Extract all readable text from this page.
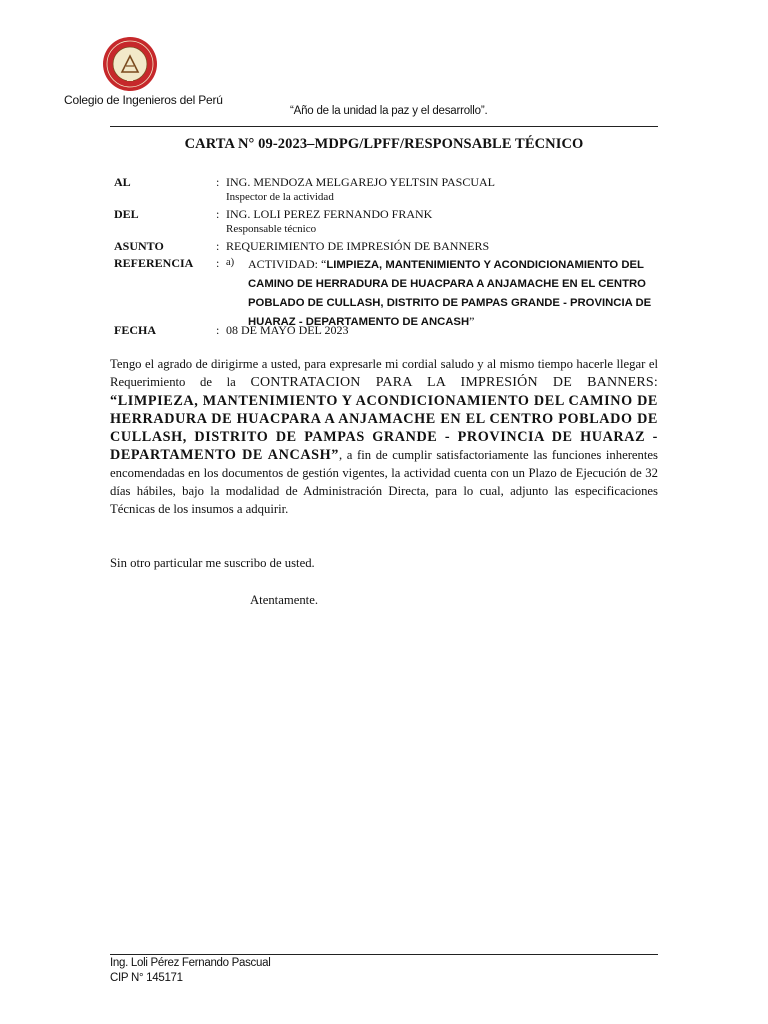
Colegio de Ingenieros del Perú
“Año de la unidad la paz y el desarrollo”.
CARTA N° 09-2023–MDPG/LPFF/RESPONSABLE TÉCNICO
AL	: ING. MENDOZA MELGAREJO YELTSIN PASCUAL
Inspector de la actividad
DEL	: ING. LOLI PEREZ FERNANDO FRANK
Responsable técnico
ASUNTO	: REQUERIMIENTO DE IMPRESIÓN DE BANNERS
REFERENCIA : a) ACTIVIDAD: “LIMPIEZA, MANTENIMIENTO Y ACONDICIONAMIENTO DEL CAMINO DE HERRADURA DE HUACPARA A ANJAMACHE EN EL CENTRO POBLADO DE CULLASH, DISTRITO DE PAMPAS GRANDE - PROVINCIA DE HUARAZ - DEPARTAMENTO DE ANCASH”
FECHA	: 08 DE MAYO DEL 2023
Tengo el agrado de dirigirme a usted, para expresarle mi cordial saludo y al mismo tiempo hacerle llegar el Requerimiento de la CONTRATACION PARA LA IMPRESIÓN DE BANNERS: “LIMPIEZA, MANTENIMIENTO Y ACONDICIONAMIENTO DEL CAMINO DE HERRADURA DE HUACPARA A ANJAMACHE EN EL CENTRO POBLADO DE CULLASH, DISTRITO DE PAMPAS GRANDE - PROVINCIA DE HUARAZ - DEPARTAMENTO DE ANCASH”, a fin de cumplir satisfactoriamente las funciones inherentes encomendadas en los documentos de gestión vigentes, la actividad cuenta con un Plazo de Ejecución de 32 días hábiles, bajo la modalidad de Administración Directa, para lo cual, adjunto las especificaciones Técnicas de los insumos a adquirir.
Sin otro particular me suscribo de usted.
Atentamente.
Ing. Loli Pérez Fernando Pascual
CIP N° 145171
